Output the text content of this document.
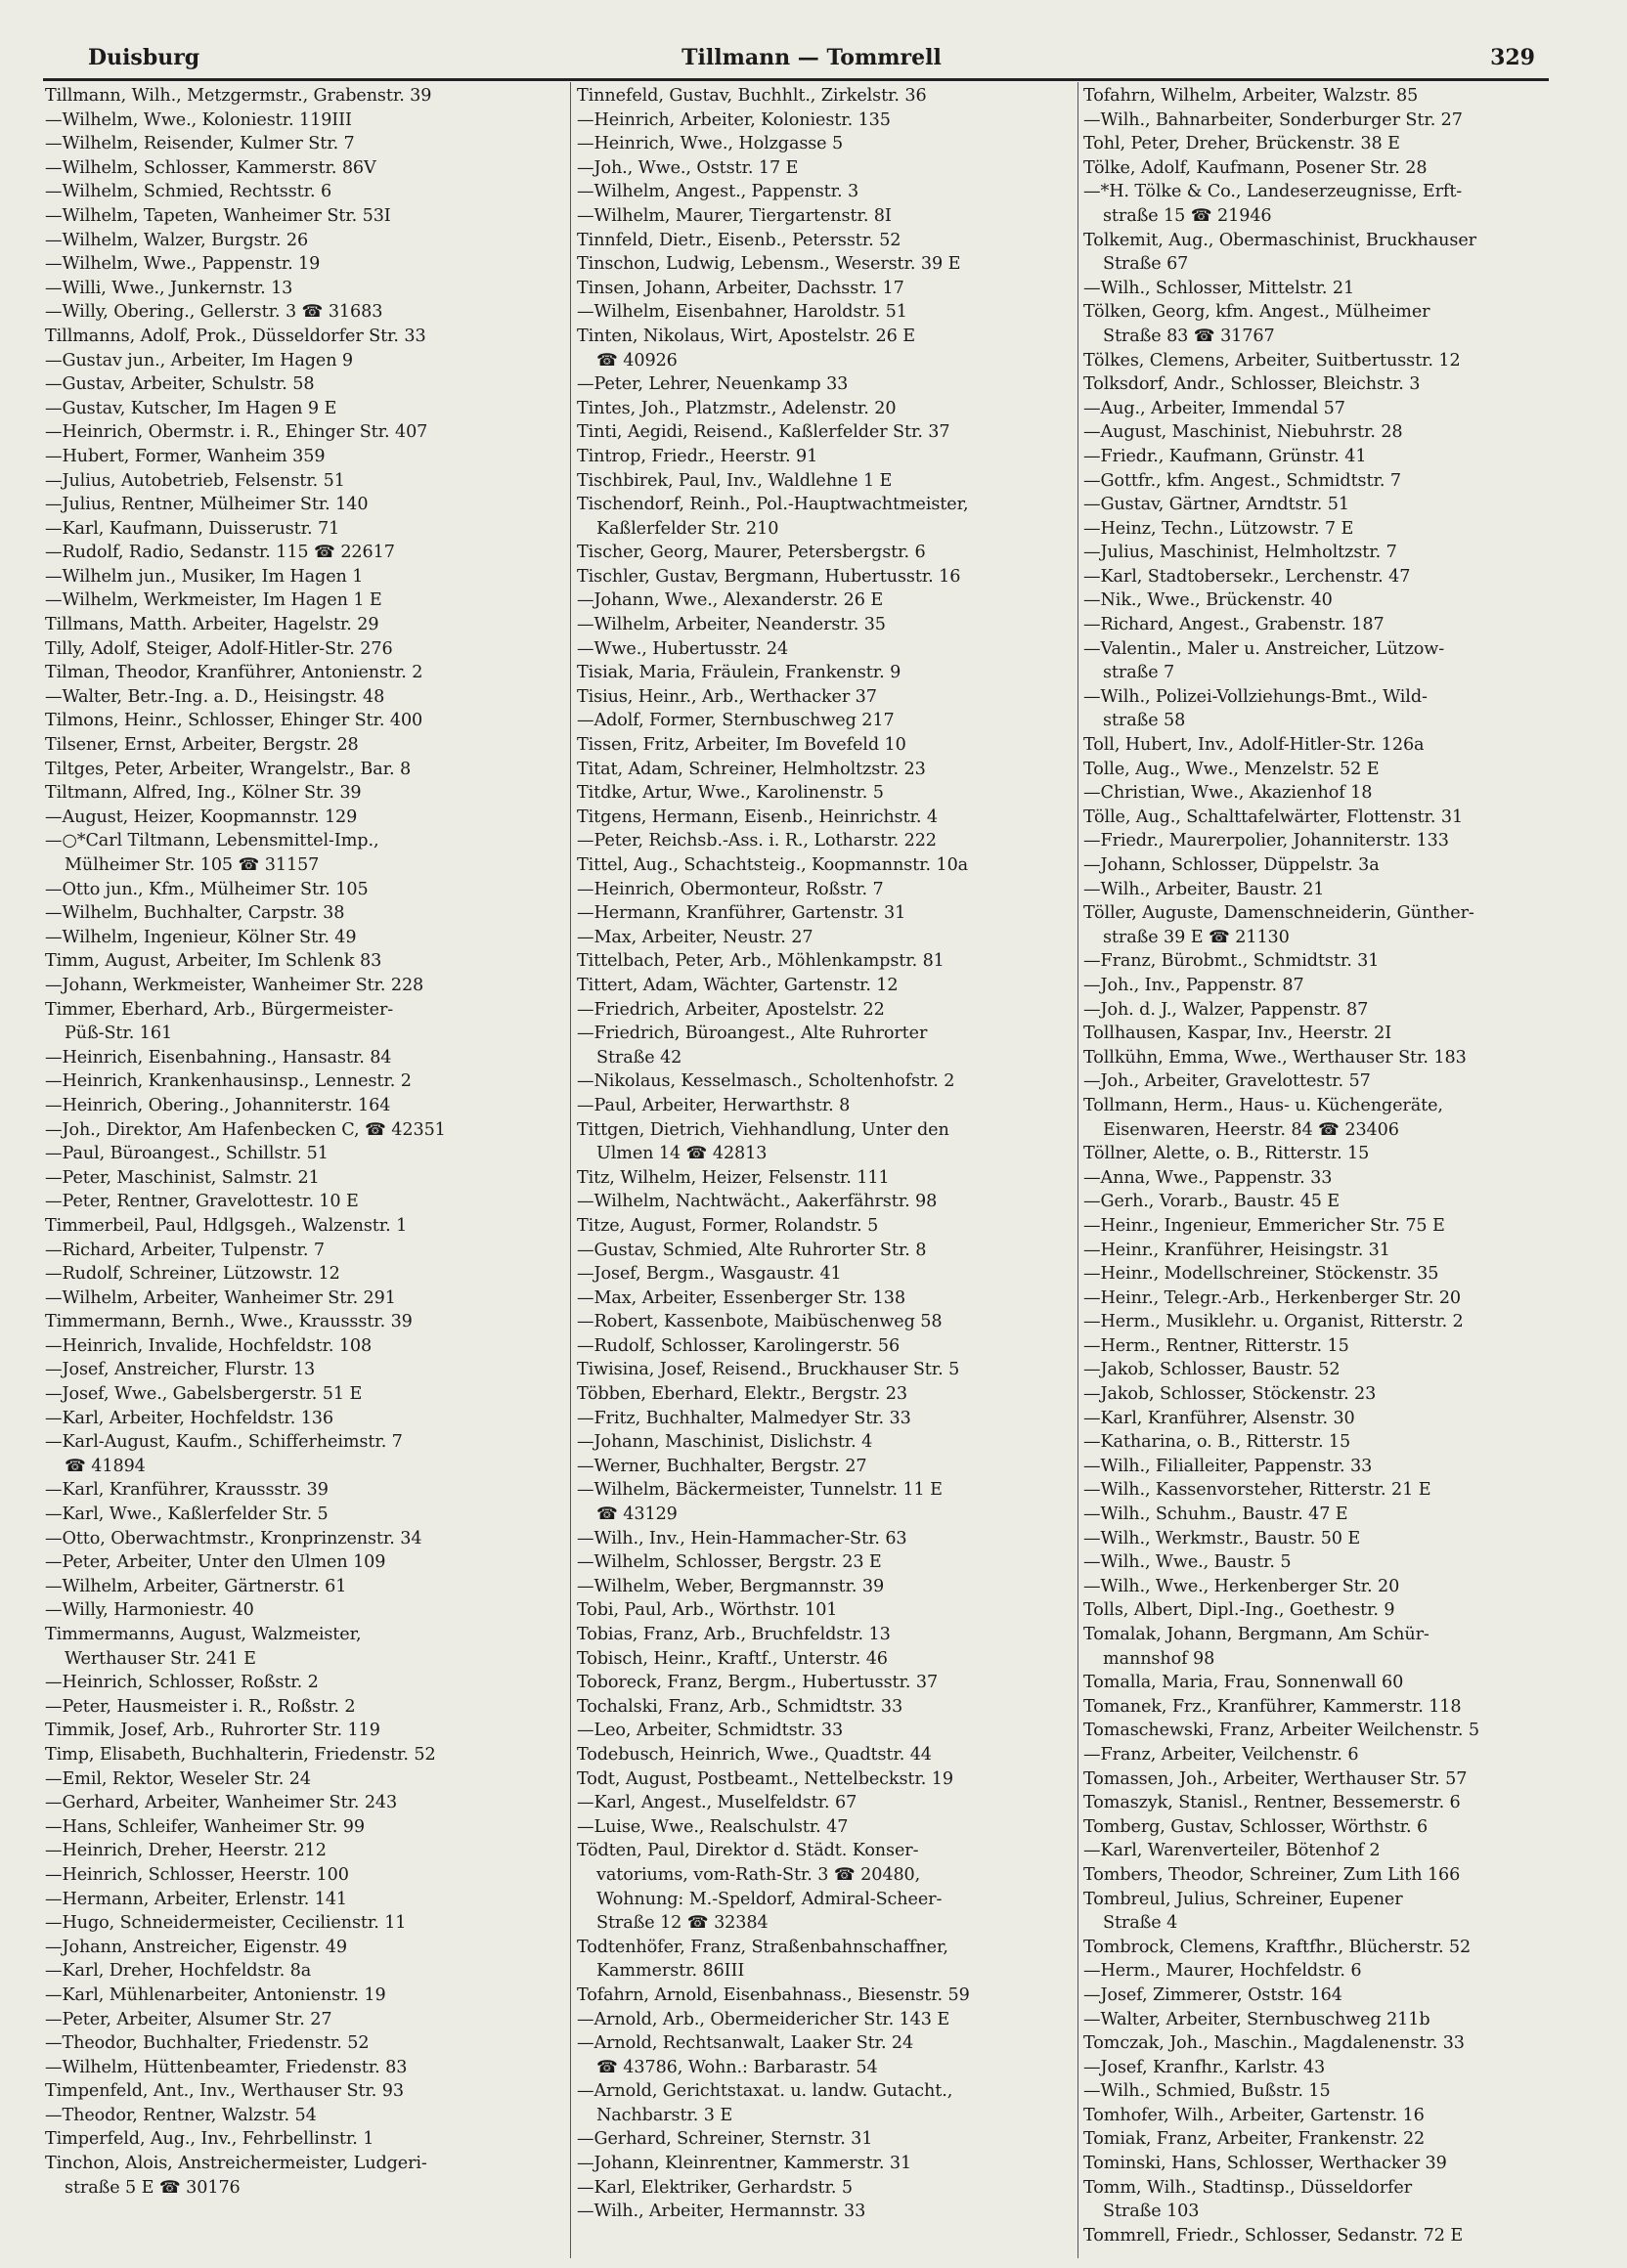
Duisburg	Tillmann — Tommrell	329
Tillmann, Wilh., Metzgermstr., Grabenstr. 39
—Wilhelm, Wwe., Koloniestr. 119III
—Wilhelm, Reisender, Kulmer Str. 7
—Wilhelm, Schlosser, Kammerstr. 86V
—Wilhelm, Schmied, Rechtsstr. 6
—Wilhelm, Tapeten, Wanheimer Str. 53I
—Wilhelm, Walzer, Burgstr. 26
—Wilhelm, Wwe., Pappenstr. 19
—Willi, Wwe., Junkernstr. 13
—Willy, Obering., Gellerstr. 3 ☎ 31683
Tillmanns, Adolf, Prok., Düsseldorfer Str. 33
—Gustav jun., Arbeiter, Im Hagen 9
—Gustav, Arbeiter, Schulstr. 58
—Gustav, Kutscher, Im Hagen 9 E
—Heinrich, Obermstr. i. R., Ehinger Str. 407
—Hubert, Former, Wanheim 359
—Julius, Autobetrieb, Felsenstr. 51
—Julius, Rentner, Mülheimer Str. 140
—Karl, Kaufmann, Duisserustr. 71
—Rudolf, Radio, Sedanstr. 115 ☎ 22617
—Wilhelm jun., Musiker, Im Hagen 1
—Wilhelm, Werkmeister, Im Hagen 1 E
Tillmans, Matth. Arbeiter, Hagelstr. 29
Tilly, Adolf, Steiger, Adolf-Hitler-Str. 276
Tilman, Theodor, Kranführer, Antonienstr. 2
—Walter, Betr.-Ing. a. D., Heisingstr. 48
Tilmons, Heinr., Schlosser, Ehinger Str. 400
Tilsener, Ernst, Arbeiter, Bergstr. 28
Tiltges, Peter, Arbeiter, Wrangelstr., Bar. 8
Tiltmann, Alfred, Ing., Kölner Str. 39
—August, Heizer, Koopmannstr. 129
—○*Carl Tiltmann, Lebensmittel-Imp.,
Mülheimer Str. 105 ☎ 31157
—Otto jun., Kfm., Mülheimer Str. 105
—Wilhelm, Buchhalter, Carpstr. 38
—Wilhelm, Ingenieur, Kölner Str. 49
Timm, August, Arbeiter, Im Schlenk 83
—Johann, Werkmeister, Wanheimer Str. 228
Timmer, Eberhard, Arb., Bürgermeister-
Püß-Str. 161
—Heinrich, Eisenbahning., Hansastr. 84
—Heinrich, Krankenhausinsp., Lennestr. 2
—Heinrich, Obering., Johanniterstr. 164
—Joh., Direktor, Am Hafenbecken C, ☎ 42351
—Paul, Büroangest., Schillstr. 51
—Peter, Maschinist, Salmstr. 21
—Peter, Rentner, Gravelottestr. 10 E
Timmerbeil, Paul, Hdlgsgeh., Walzenstr. 1
—Richard, Arbeiter, Tulpenstr. 7
—Rudolf, Schreiner, Lützowstr. 12
—Wilhelm, Arbeiter, Wanheimer Str. 291
Timmermann, Bernh., Wwe., Kraussstr. 39
—Heinrich, Invalide, Hochfeldstr. 108
—Josef, Anstreicher, Flurstr. 13
—Josef, Wwe., Gabelsbergerstr. 51 E
—Karl, Arbeiter, Hochfeldstr. 136
—Karl-August, Kaufm., Schifferheimstr. 7
☎ 41894
—Karl, Kranführer, Kraussstr. 39
—Karl, Wwe., Kaßlerfelder Str. 5
—Otto, Oberwachtmstr., Kronprinzenstr. 34
—Peter, Arbeiter, Unter den Ulmen 109
—Wilhelm, Arbeiter, Gärtnerstr. 61
—Willy, Harmoniestr. 40
Timmermanns, August, Walzmeister,
Werthauser Str. 241 E
—Heinrich, Schlosser, Roßstr. 2
—Peter, Hausmeister i. R., Roßstr. 2
Timmik, Josef, Arb., Ruhrorter Str. 119
Timp, Elisabeth, Buchhalterin, Friedenstr. 52
—Emil, Rektor, Weseler Str. 24
—Gerhard, Arbeiter, Wanheimer Str. 243
—Hans, Schleifer, Wanheimer Str. 99
—Heinrich, Dreher, Heerstr. 212
—Heinrich, Schlosser, Heerstr. 100
—Hermann, Arbeiter, Erlenstr. 141
—Hugo, Schneidermeister, Cecilienstr. 11
—Johann, Anstreicher, Eigenstr. 49
—Karl, Dreher, Hochfeldstr. 8a
—Karl, Mühlenarbeiter, Antonienstr. 19
—Peter, Arbeiter, Alsumer Str. 27
—Theodor, Buchhalter, Friedenstr. 52
—Wilhelm, Hüttenbeamter, Friedenstr. 83
Timpenfeld, Ant., Inv., Werthauser Str. 93
—Theodor, Rentner, Walzstr. 54
Timperfeld, Aug., Inv., Fehrbellinstr. 1
Tinchon, Alois, Anstreichermeister, Ludgeri-
straße 5 E ☎ 30176
Tinnefeld, Gustav, Buchhlt., Zirkelstr. 36
—Heinrich, Arbeiter, Koloniestr. 135
—Heinrich, Wwe., Holzgasse 5
—Joh., Wwe., Oststr. 17 E
—Wilhelm, Angest., Pappenstr. 3
—Wilhelm, Maurer, Tiergartenstr. 8I
Tinnfeld, Dietr., Eisenb., Petersstr. 52
Tinschon, Ludwig, Lebensm., Weserstr. 39 E
Tinsen, Johann, Arbeiter, Dachsstr. 17
—Wilhelm, Eisenbahner, Haroldstr. 51
Tinten, Nikolaus, Wirt, Apostelstr. 26 E
☎ 40926
—Peter, Lehrer, Neuenkamp 33
Tintes, Joh., Platzmstr., Adelenstr. 20
Tinti, Aegidi, Reisend., Kaßlerfelder Str. 37
Tintrop, Friedr., Heerstr. 91
Tischbirek, Paul, Inv., Waldlehne 1 E
Tischendorf, Reinh., Pol.-Hauptwachtmeister,
Kaßlerfelder Str. 210
Tischer, Georg, Maurer, Petersbergstr. 6
Tischler, Gustav, Bergmann, Hubertusstr. 16
—Johann, Wwe., Alexanderstr. 26 E
—Wilhelm, Arbeiter, Neanderstr. 35
—Wwe., Hubertusstr. 24
Tisiak, Maria, Fräulein, Frankenstr. 9
Tisius, Heinr., Arb., Werthacker 37
—Adolf, Former, Sternbuschweg 217
Tissen, Fritz, Arbeiter, Im Bovefeld 10
Titat, Adam, Schreiner, Helmholtzstr. 23
Titdke, Artur, Wwe., Karolinenstr. 5
Titgens, Hermann, Eisenb., Heinrichstr. 4
—Peter, Reichsb.-Ass. i. R., Lotharstr. 222
Tittel, Aug., Schachtsteig., Koopmannstr. 10a
—Heinrich, Obermonteur, Roßstr. 7
—Hermann, Kranführer, Gartenstr. 31
—Max, Arbeiter, Neustr. 27
Tittelbach, Peter, Arb., Möhlenkampstr. 81
Tittert, Adam, Wächter, Gartenstr. 12
—Friedrich, Arbeiter, Apostelstr. 22
—Friedrich, Büroangest., Alte Ruhrorter
Straße 42
—Nikolaus, Kesselmasch., Scholtenhofstr. 2
—Paul, Arbeiter, Herwarthstr. 8
Tittgen, Dietrich, Viehhandlung, Unter den
Ulmen 14 ☎ 42813
Titz, Wilhelm, Heizer, Felsenstr. 111
—Wilhelm, Nachtwächt., Aakerfährstr. 98
Titze, August, Former, Rolandstr. 5
—Gustav, Schmied, Alte Ruhrorter Str. 8
—Josef, Bergm., Wasgaustr. 41
—Max, Arbeiter, Essenberger Str. 138
—Robert, Kassenbote, Maibüschenweg 58
—Rudolf, Schlosser, Karolingerstr. 56
Tiwisina, Josef, Reisend., Bruckhauser Str. 5
Többen, Eberhard, Elektr., Bergstr. 23
—Fritz, Buchhalter, Malmedyer Str. 33
—Johann, Maschinist, Dislichstr. 4
—Werner, Buchhalter, Bergstr. 27
—Wilhelm, Bäckermeister, Tunnelstr. 11 E
☎ 43129
—Wilh., Inv., Hein-Hammacher-Str. 63
—Wilhelm, Schlosser, Bergstr. 23 E
—Wilhelm, Weber, Bergmannstr. 39
Tobi, Paul, Arb., Wörthstr. 101
Tobias, Franz, Arb., Bruchfeldstr. 13
Tobisch, Heinr., Kraftf., Unterstr. 46
Toboreck, Franz, Bergm., Hubertusstr. 37
Tochalski, Franz, Arb., Schmidtstr. 33
—Leo, Arbeiter, Schmidtstr. 33
Todebusch, Heinrich, Wwe., Quadtstr. 44
Todt, August, Postbeamt., Nettelbeckstr. 19
—Karl, Angest., Muselfeldstr. 67
—Luise, Wwe., Realschulstr. 47
Tödten, Paul, Direktor d. Städt. Konser-
vatoriums, vom-Rath-Str. 3 ☎ 20480,
Wohnung: M.-Speldorf, Admiral-Scheer-
Straße 12 ☎ 32384
Todtenhöfer, Franz, Straßenbahnschaffner,
Kammerstr. 86III
Tofahrn, Arnold, Eisenbahnass., Biesenstr. 59
—Arnold, Arb., Obermeidericher Str. 143 E
—Arnold, Rechtsanwalt, Laaker Str. 24
☎ 43786, Wohn.: Barbarastr. 54
—Arnold, Gerichtstaxat. u. landw. Gutacht.,
Nachbarstr. 3 E
—Gerhard, Schreiner, Sternstr. 31
—Johann, Kleinrentner, Kammerstr. 31
—Karl, Elektriker, Gerhardstr. 5
—Wilh., Arbeiter, Hermannstr. 33
Tofahrn, Wilhelm, Arbeiter, Walzstr. 85
—Wilh., Bahnarbeiter, Sonderburger Str. 27
Tohl, Peter, Dreher, Brückenstr. 38 E
Tölke, Adolf, Kaufmann, Posener Str. 28
—*H. Tölke & Co., Landeserzeugnisse, Erft-
straße 15 ☎ 21946
Tolkemit, Aug., Obermaschinist, Bruckhauser
Straße 67
—Wilh., Schlosser, Mittelstr. 21
Tölken, Georg, kfm. Angest., Mülheimer
Straße 83 ☎ 31767
Tölkes, Clemens, Arbeiter, Suitbertusstr. 12
Tolksdorf, Andr., Schlosser, Bleichstr. 3
—Aug., Arbeiter, Immendal 57
—August, Maschinist, Niebuhrstr. 28
—Friedr., Kaufmann, Grünstr. 41
—Gottfr., kfm. Angest., Schmidtstr. 7
—Gustav, Gärtner, Arndtstr. 51
—Heinz, Techn., Lützowstr. 7 E
—Julius, Maschinist, Helmholtzstr. 7
—Karl, Stadtobersekr., Lerchenstr. 47
—Nik., Wwe., Brückenstr. 40
—Richard, Angest., Grabenstr. 187
—Valentin., Maler u. Anstreicher, Lützow-
straße 7
—Wilh., Polizei-Vollziehungs-Bmt., Wild-
straße 58
Toll, Hubert, Inv., Adolf-Hitler-Str. 126a
Tolle, Aug., Wwe., Menzelstr. 52 E
—Christian, Wwe., Akazienhof 18
Tölle, Aug., Schalttafelwärter, Flottenstr. 31
—Friedr., Maurerpolier, Johanniterstr. 133
—Johann, Schlosser, Düppelstr. 3a
—Wilh., Arbeiter, Baustr. 21
Töller, Auguste, Damenschneiderin, Günther-
straße 39 E ☎ 21130
—Franz, Bürobmt., Schmidtstr. 31
—Joh., Inv., Pappenstr. 87
—Joh. d. J., Walzer, Pappenstr. 87
Tollhausen, Kaspar, Inv., Heerstr. 2I
Tollkühn, Emma, Wwe., Werthauser Str. 183
—Joh., Arbeiter, Gravelottestr. 57
Tollmann, Herm., Haus- u. Küchengeräte,
Eisenwaren, Heerstr. 84 ☎ 23406
Töllner, Alette, o. B., Ritterstr. 15
—Anna, Wwe., Pappenstr. 33
—Gerh., Vorarb., Baustr. 45 E
—Heinr., Ingenieur, Emmericher Str. 75 E
—Heinr., Kranführer, Heisingstr. 31
—Heinr., Modellschreiner, Stöckenstr. 35
—Heinr., Telegr.-Arb., Herkenberger Str. 20
—Herm., Musiklehr. u. Organist, Ritterstr. 2
—Herm., Rentner, Ritterstr. 15
—Jakob, Schlosser, Baustr. 52
—Jakob, Schlosser, Stöckenstr. 23
—Karl, Kranführer, Alsenstr. 30
—Katharina, o. B., Ritterstr. 15
—Wilh., Filialleiter, Pappenstr. 33
—Wilh., Kassenvorsteher, Ritterstr. 21 E
—Wilh., Schuhm., Baustr. 47 E
—Wilh., Werkmstr., Baustr. 50 E
—Wilh., Wwe., Baustr. 5
—Wilh., Wwe., Herkenberger Str. 20
Tolls, Albert, Dipl.-Ing., Goethestr. 9
Tomalak, Johann, Bergmann, Am Schür-
mannshof 98
Tomalla, Maria, Frau, Sonnenwall 60
Tomanek, Frz., Kranführer, Kammerstr. 118
Tomaschewski, Franz, Arbeiter Weilchenstr. 5
—Franz, Arbeiter, Veilchenstr. 6
Tomassen, Joh., Arbeiter, Werthauser Str. 57
Tomaszyk, Stanisl., Rentner, Bessemerstr. 6
Tomberg, Gustav, Schlosser, Wörthstr. 6
—Karl, Warenverteiler, Bötenhof 2
Tombers, Theodor, Schreiner, Zum Lith 166
Tombreul, Julius, Schreiner, Eupener
Straße 4
Tombrock, Clemens, Kraftfhr., Blücherstr. 52
—Herm., Maurer, Hochfeldstr. 6
—Josef, Zimmerer, Oststr. 164
—Walter, Arbeiter, Sternbuschweg 211b
Tomczak, Joh., Maschin., Magdalenenstr. 33
—Josef, Kranfhr., Karlstr. 43
—Wilh., Schmied, Bußstr. 15
Tomhofer, Wilh., Arbeiter, Gartenstr. 16
Tomiak, Franz, Arbeiter, Frankenstr. 22
Tominski, Hans, Schlosser, Werthacker 39
Tomm, Wilh., Stadtinsp., Düsseldorfer
Straße 103
Tommrell, Friedr., Schlosser, Sedanstr. 72 E
